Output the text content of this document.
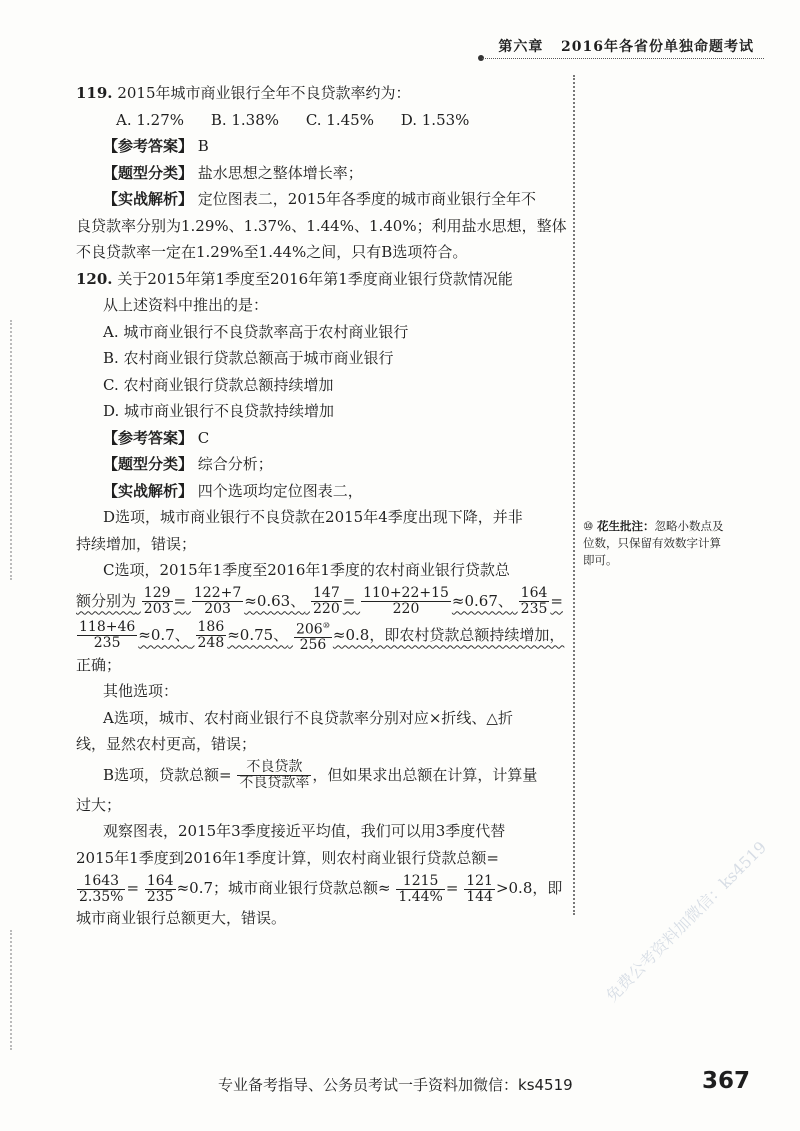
第六章 2016年各省份单独命题考试
119. 2015年城市商业银行全年不良贷款率约为：
A. 1.27% B. 1.38% C. 1.45% D. 1.53%
【参考答案】 B
【题型分类】 盐水思想之整体增长率；
【实战解析】 定位图表二，2015年各季度的城市商业银行全年不
良贷款率分别为1.29%、1.37%、1.44%、1.40%；利用盐水思想，整体
不良贷款率一定在1.29%至1.44%之间，只有B选项符合。
120. 关于2015年第1季度至2016年第1季度商业银行贷款情况能
从上述资料中推出的是：
A. 城市商业银行不良贷款率高于农村商业银行
B. 农村商业银行贷款总额高于城市商业银行
C. 农村商业银行贷款总额持续增加
D. 城市商业银行不良贷款持续增加
【参考答案】 C
【题型分类】 综合分析；
【实战解析】 四个选项均定位图表二，
D选项，城市商业银行不良贷款在2015年4季度出现下降，并非
持续增加，错误；
C选项，2015年1季度至2016年1季度的农村商业银行贷款总
额分别为 $\frac{129}{203} = \frac{122+7}{203} \approx 0.63$、 $\frac{147}{220} = \frac{110+22+15}{220} \approx 0.67$、 $\frac{164}{235}$ =
$\frac{118+46}{235} \approx 0.7$、 $\frac{186}{248} \approx 0.75$、 $\frac{206^⑩}{256} \approx 0.8$，即农村贷款总额持续增加，
正确；
其他选项：
A选项，城市、农村商业银行不良贷款率分别对应×折线、△折
线，显然农村更高，错误；
B选项，贷款总额= $\frac{\text{不良贷款}}{\text{不良贷款率}}$ ，但如果求出总额在计算，计算量
过大；
观察图表，2015年3季度接近平均值，我们可以用3季度代替
2015年1季度到2016年1季度计算，则农村商业银行贷款总额=
$\frac{1643}{2.35\%} = \frac{164}{235} \approx 0.7$；城市商业银行贷款总额≈ $\frac{1215}{1.44\%} = \frac{121}{144} >0.8$，即
城市商业银行总额更大，错误。
⑩ 花生批注：忽略小数点及
位数，只保留有效数字计算
即可。
专业备考指导、公务员考试一手资料加微信：ks4519	367
免费公考资料加微信：ks4519
